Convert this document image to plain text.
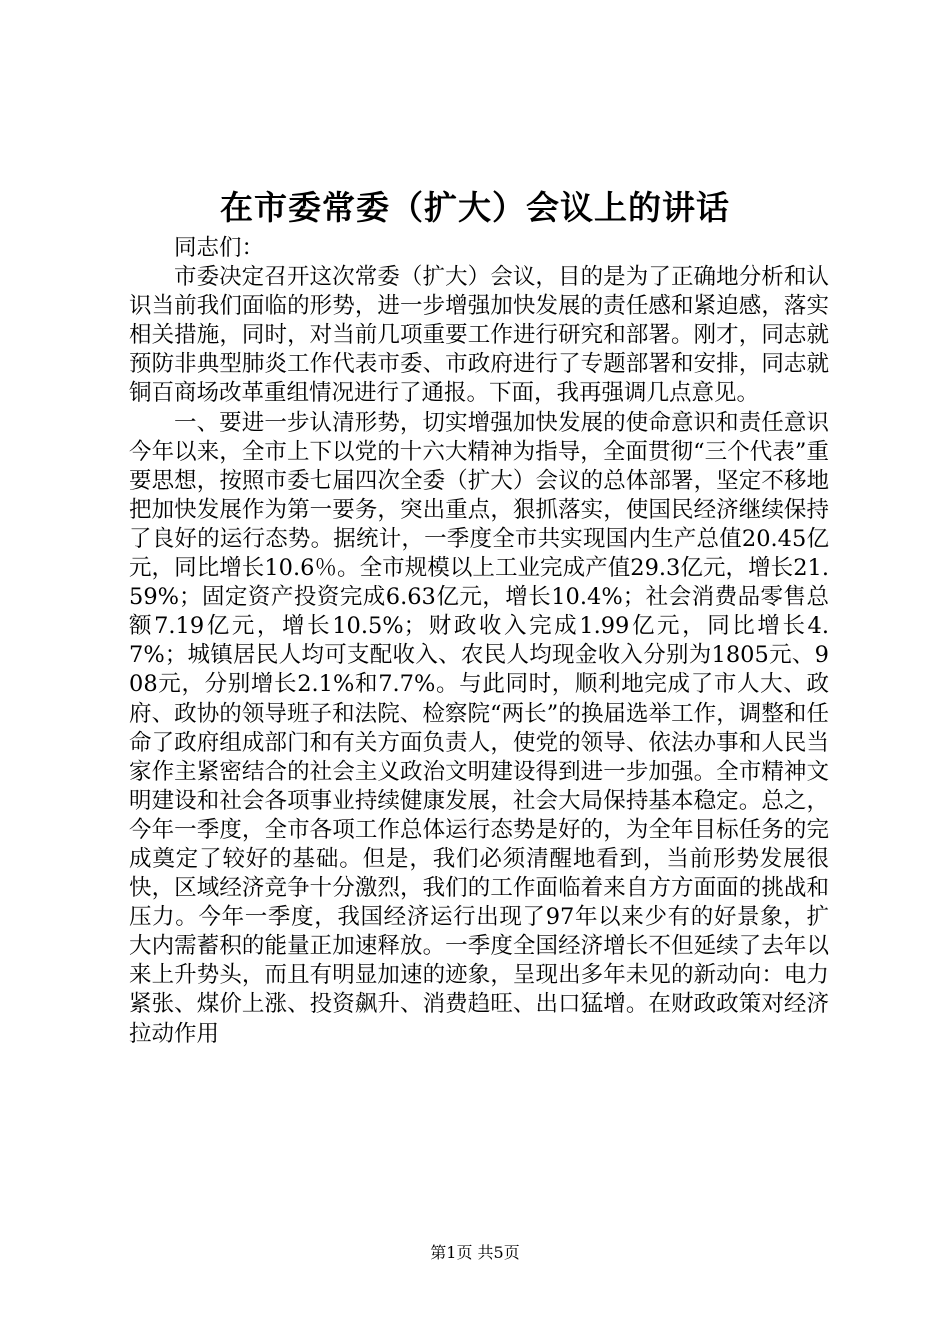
在市委常委（扩大）会议上的讲话

同志们：

市委决定召开这次常委（扩大）会议，目的是为了正确地分析和认识当前我们面临的形势，进一步增强加快发展的责任感和紧迫感，落实相关措施，同时，对当前几项重要工作进行研究和部署。刚才，同志就预防非典型肺炎工作代表市委、市政府进行了专题部署和安排，同志就铜百商场改革重组情况进行了通报。下面，我再强调几点意见。

一、要进一步认清形势，切实增强加快发展的使命意识和责任意识今年以来，全市上下以党的十六大精神为指导，全面贯彻“三个代表”重要思想，按照市委七届四次全委（扩大）会议的总体部署，坚定不移地把加快发展作为第一要务，突出重点，狠抓落实，使国民经济继续保持了良好的运行态势。据统计，一季度全市共实现国内生产总值20.45亿元，同比增长10.6％。全市规模以上工业完成产值29.3亿元，增长21.59%；固定资产投资完成6.63亿元，增长10.4%；社会消费品零售总额7.19亿元，增长10.5%；财政收入完成1.99亿元，同比增长4.7%；城镇居民人均可支配收入、农民人均现金收入分别为1805元、908元，分别增长2.1%和7.7%。与此同时，顺利地完成了市人大、政府、政协的领导班子和法院、检察院“两长”的换届选举工作，调整和任命了政府组成部门和有关方面负责人，使党的领导、依法办事和人民当家作主紧密结合的社会主义政治文明建设得到进一步加强。全市精神文明建设和社会各项事业持续健康发展，社会大局保持基本稳定。总之，今年一季度，全市各项工作总体运行态势是好的，为全年目标任务的完成奠定了较好的基础。但是，我们必须清醒地看到，当前形势发展很快，区域经济竞争十分激烈，我们的工作面临着来自方方面面的挑战和压力。今年一季度，我国经济运行出现了97年以来少有的好景象，扩大内需蓄积的能量正加速释放。一季度全国经济增长不但延续了去年以来上升势头，而且有明显加速的迹象，呈现出多年未见的新动向：电力紧张、煤价上涨、投资飙升、消费趋旺、出口猛增。在财政政策对经济拉动作用

第1页 共5页
